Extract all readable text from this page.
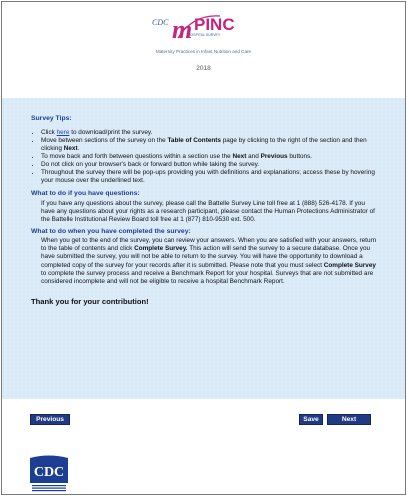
CDC m PINC
HOSPITAL SURVEY
Maternity Practices in Infant Nutrition and Care
2018
Survey Tips:
• Click here to download/print the survey.
• Move between sections of the survey on the Table of Contents page by clicking to the right of the section and then clicking Next.
• To move back and forth between questions within a section use the Next and Previous buttons.
• Do not click on your browser's back or forward button while taking the survey.
• Throughout the survey there will be pop-ups providing you with definitions and explanations; access these by hovering your mouse over the underlined text.
What to do if you have questions:
If you have any questions about the survey, please call the Battelle Survey Line toll free at 1 (888) 526-4178. If you have any questions about your rights as a research participant, please contact the Human Protections Administrator of the Battelle Institutional Review Board toll free at 1 (877) 810-9530 ext. 500.
What to do when you have completed the survey:
When you get to the end of the survey, you can review your answers. When you are satisfied with your answers, return to the table of contents and click Complete Survey. This action will send the survey to a secure database. Once you have submitted the survey, you will not be able to return to the survey. You will have the opportunity to download a completed copy of the survey for your records after it is submitted. Please note that you must select Complete Survey to complete the survey process and receive a Benchmark Report for your hospital. Surveys that are not submitted are considered incomplete and will not be eligible to receive a hospital Benchmark Report.
Thank you for your contribution!
Previous	Save	Next
CDC
